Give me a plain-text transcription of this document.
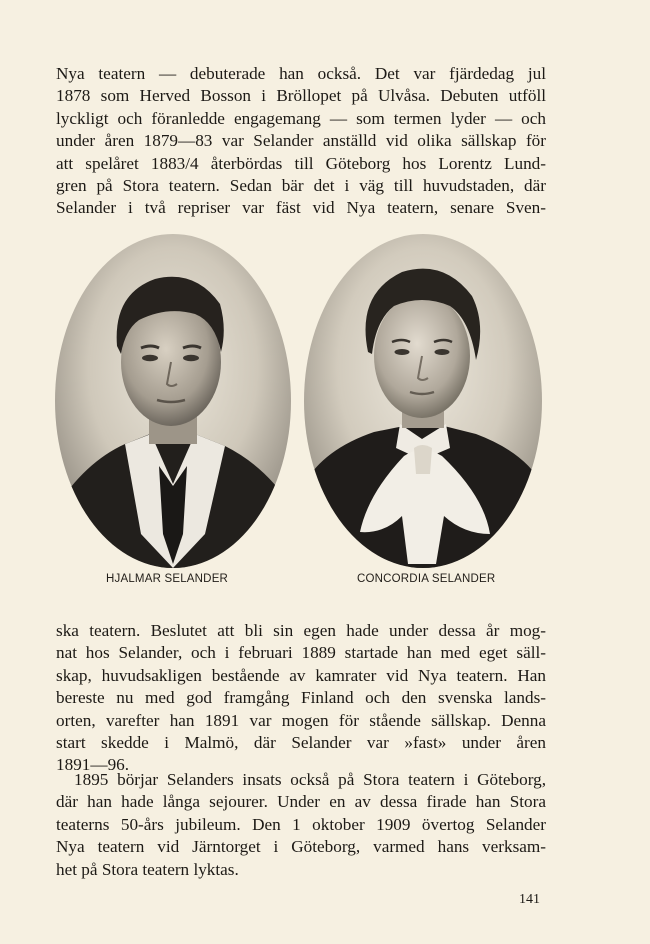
Nya teatern — debuterade han också. Det var fjärdedag jul
1878 som Herved Bosson i Bröllopet på Ulvåsa. Debuten utföll
lyckligt och föranledde engagemang — som termen lyder — och
under åren 1879—83 var Selander anställd vid olika sällskap för
att spelåret 1883/4 återbördas till Göteborg hos Lorentz Lund-
gren på Stora teatern. Sedan bär det i väg till huvudstaden, där
Selander i två repriser var fäst vid Nya teatern, senare Sven-
HJALMAR SELANDER	CONCORDIA SELANDER
ska teatern. Beslutet att bli sin egen hade under dessa år mog-
nat hos Selander, och i februari 1889 startade han med eget säll-
skap, huvudsakligen bestående av kamrater vid Nya teatern. Han
bereste nu med god framgång Finland och den svenska lands-
orten, varefter han 1891 var mogen för stående sällskap. Denna
start skedde i Malmö, där Selander var »fast» under åren
1891—96.
1895 börjar Selanders insats också på Stora teatern i Göteborg,
där han hade långa sejourer. Under en av dessa firade han Stora
teaterns 50-års jubileum. Den 1 oktober 1909 övertog Selander
Nya teatern vid Järntorget i Göteborg, varmed hans verksam-
het på Stora teatern lyktas.
141
